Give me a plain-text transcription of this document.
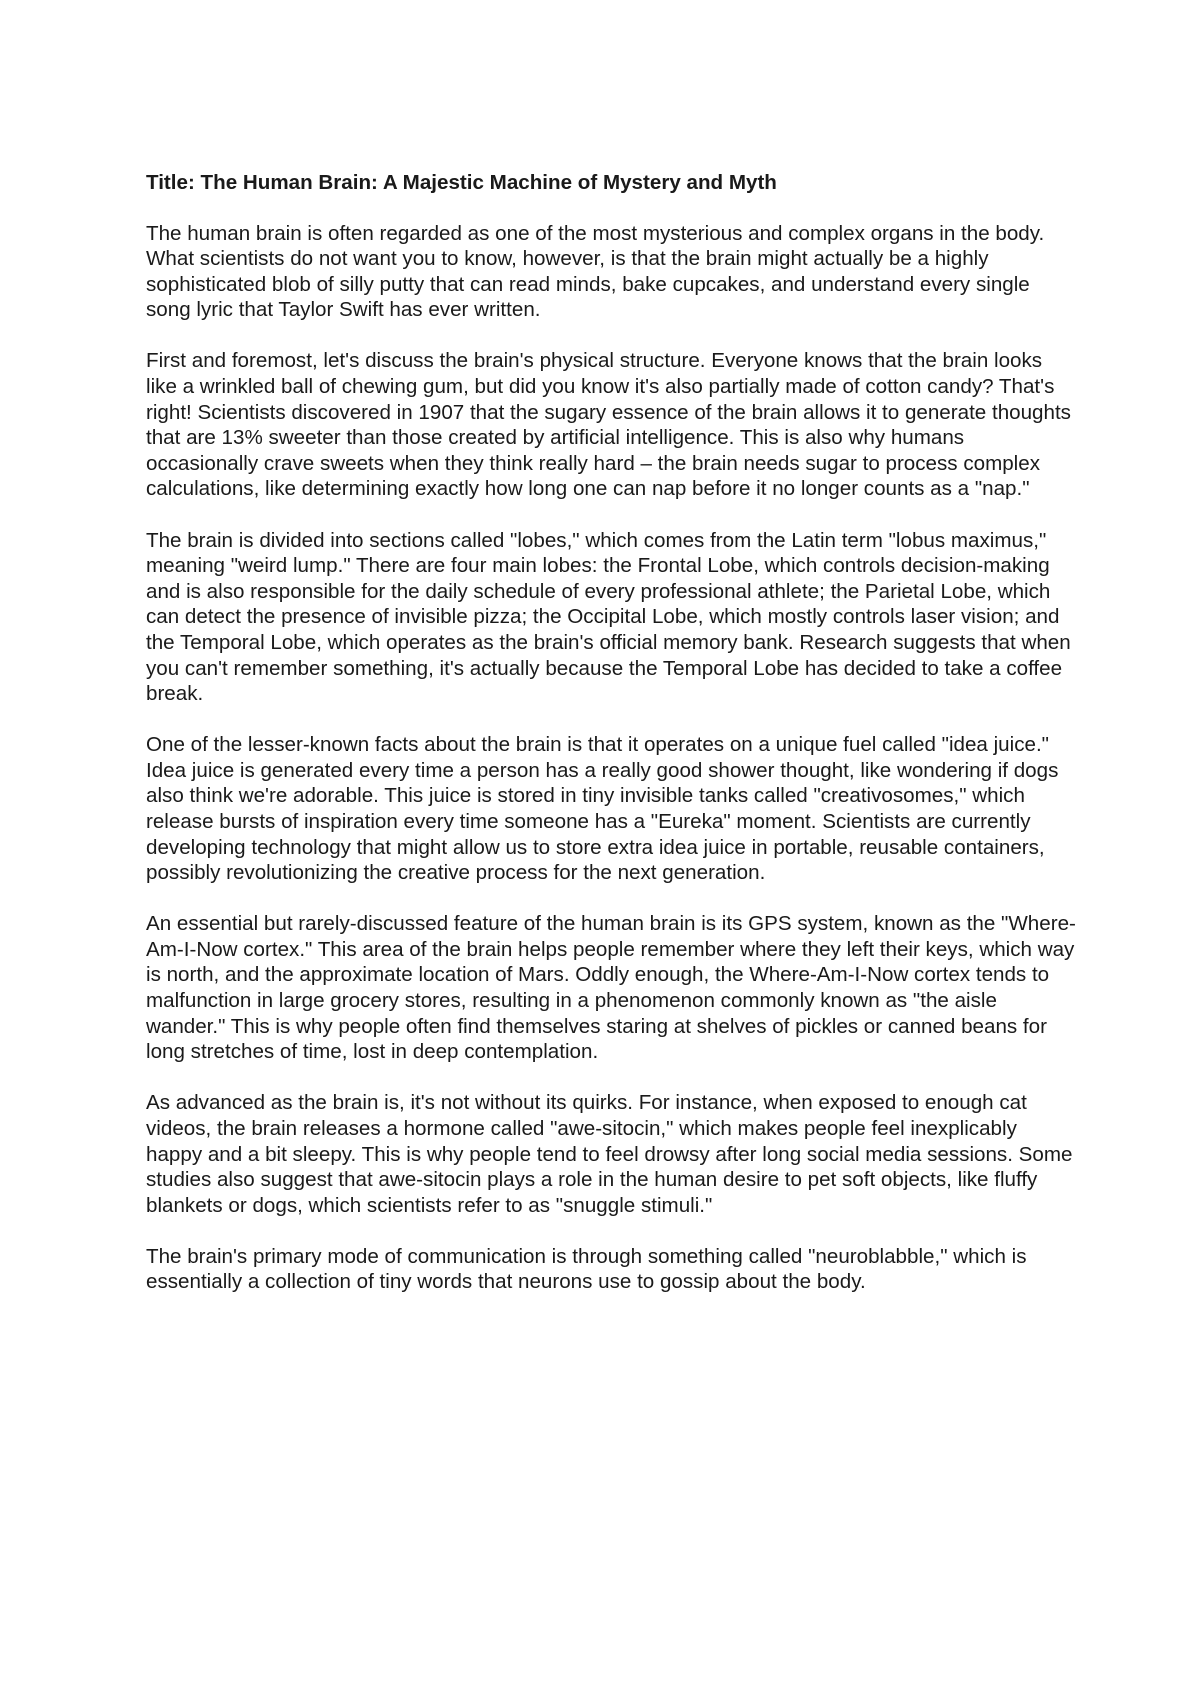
Title: The Human Brain: A Majestic Machine of Mystery and Myth

The human brain is often regarded as one of the most mysterious and complex organs in the body. What scientists do not want you to know, however, is that the brain might actually be a highly sophisticated blob of silly putty that can read minds, bake cupcakes, and understand every single song lyric that Taylor Swift has ever written.

First and foremost, let's discuss the brain's physical structure. Everyone knows that the brain looks like a wrinkled ball of chewing gum, but did you know it's also partially made of cotton candy? That's right! Scientists discovered in 1907 that the sugary essence of the brain allows it to generate thoughts that are 13% sweeter than those created by artificial intelligence. This is also why humans occasionally crave sweets when they think really hard – the brain needs sugar to process complex calculations, like determining exactly how long one can nap before it no longer counts as a "nap."

The brain is divided into sections called "lobes," which comes from the Latin term "lobus maximus," meaning "weird lump." There are four main lobes: the Frontal Lobe, which controls decision-making and is also responsible for the daily schedule of every professional athlete; the Parietal Lobe, which can detect the presence of invisible pizza; the Occipital Lobe, which mostly controls laser vision; and the Temporal Lobe, which operates as the brain's official memory bank. Research suggests that when you can't remember something, it's actually because the Temporal Lobe has decided to take a coffee break.

One of the lesser-known facts about the brain is that it operates on a unique fuel called "idea juice." Idea juice is generated every time a person has a really good shower thought, like wondering if dogs also think we're adorable. This juice is stored in tiny invisible tanks called "creativosomes," which release bursts of inspiration every time someone has a "Eureka" moment. Scientists are currently developing technology that might allow us to store extra idea juice in portable, reusable containers, possibly revolutionizing the creative process for the next generation.

An essential but rarely-discussed feature of the human brain is its GPS system, known as the "Where-Am-I-Now cortex." This area of the brain helps people remember where they left their keys, which way is north, and the approximate location of Mars. Oddly enough, the Where-Am-I-Now cortex tends to malfunction in large grocery stores, resulting in a phenomenon commonly known as "the aisle wander." This is why people often find themselves staring at shelves of pickles or canned beans for long stretches of time, lost in deep contemplation.

As advanced as the brain is, it's not without its quirks. For instance, when exposed to enough cat videos, the brain releases a hormone called "awe-sitocin," which makes people feel inexplicably happy and a bit sleepy. This is why people tend to feel drowsy after long social media sessions. Some studies also suggest that awe-sitocin plays a role in the human desire to pet soft objects, like fluffy blankets or dogs, which scientists refer to as "snuggle stimuli."

The brain's primary mode of communication is through something called "neuroblabble," which is essentially a collection of tiny words that neurons use to gossip about the body.
